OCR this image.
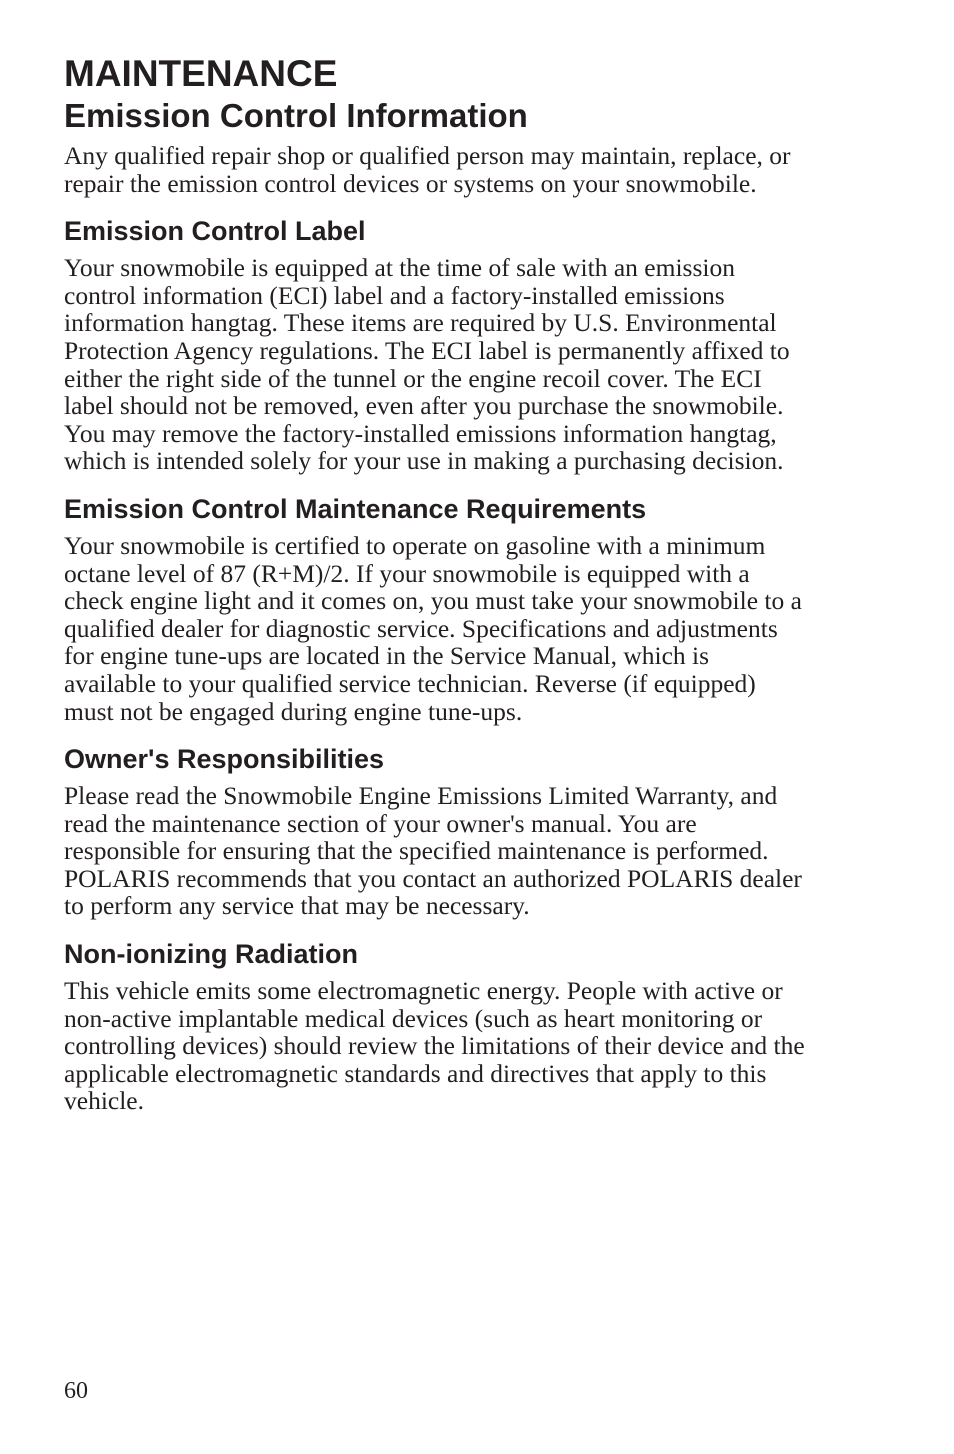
MAINTENANCE
Emission Control Information

Any qualified repair shop or qualified person may maintain, replace, or
repair the emission control devices or systems on your snowmobile.

Emission Control Label

Your snowmobile is equipped at the time of sale with an emission
control information (ECI) label and a factory-installed emissions
information hangtag. These items are required by U.S. Environmental
Protection Agency regulations. The ECI label is permanently affixed to
either the right side of the tunnel or the engine recoil cover. The ECI
label should not be removed, even after you purchase the snowmobile.
You may remove the factory-installed emissions information hangtag,
which is intended solely for your use in making a purchasing decision.

Emission Control Maintenance Requirements

Your snowmobile is certified to operate on gasoline with a minimum
octane level of 87 (R+M)/2. If your snowmobile is equipped with a
check engine light and it comes on, you must take your snowmobile to a
qualified dealer for diagnostic service. Specifications and adjustments
for engine tune-ups are located in the Service Manual, which is
available to your qualified service technician. Reverse (if equipped)
must not be engaged during engine tune-ups.

Owner's Responsibilities

Please read the Snowmobile Engine Emissions Limited Warranty, and
read the maintenance section of your owner's manual. You are
responsible for ensuring that the specified maintenance is performed.
POLARIS recommends that you contact an authorized POLARIS dealer
to perform any service that may be necessary.

Non-ionizing Radiation

This vehicle emits some electromagnetic energy. People with active or
non-active implantable medical devices (such as heart monitoring or
controlling devices) should review the limitations of their device and the
applicable electromagnetic standards and directives that apply to this
vehicle.

60
